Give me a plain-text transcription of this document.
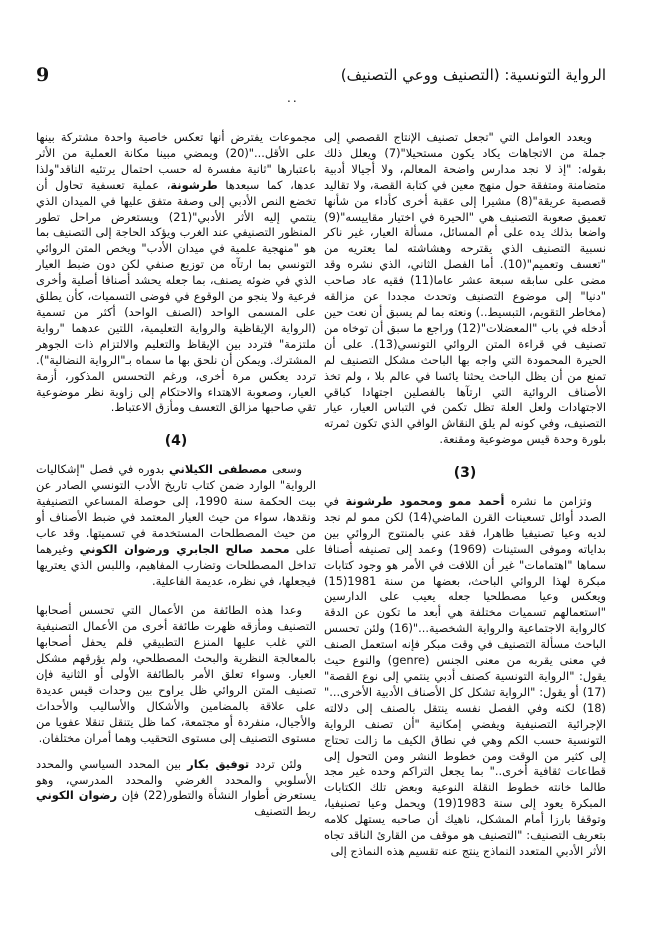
9	الرواية التونسية: (التصنيف ووعي التصنيف)
..

ويعدد العوامل التي "تجعل تصنيف الإنتاج القصصي إلى جملة من الاتجاهات يكاد يكون مستحيلا"(7) ويعلل ذلك بقوله: "إذ لا نجد مدارس واضحة المعالم، ولا أجيالا أدبية متضامنة ومتفقة حول منهج معين في كتابة القصة، ولا تقاليد قصصية عريقة"(8) مشيرا إلى عقبة أخرى كأداء من شأنها تعميق صعوبة التصنيف هي "الحيرة في اختيار مقاييسه"(9) واضعا بذلك يده على أم المسائل، مسألة العيار، غير ناكر نسبية التصنيف الذي يقترحه وهشاشته لما يعتريه من "تعسف وتعميم"(10). أما الفصل الثاني، الذي نشره وقد مضى على سابقه سبعة عشر عاما(11) فقيه عاد صاحب "دنيا" إلى موضوع التصنيف وتحدث مجددا عن مزالقه (مخاطر التقويم، التبسيط..) ونعته بما لم يسبق أن نعت حين أدخله في باب "المعضلات"(12) وراجع ما سبق أن توخاه من تصنيف في قراءة المتن الروائي التونسي(13). على أن الحيرة المحمودة التي واجه بها الباحث مشكل التصنيف لم تمنع من أن يظل الباحث يحثنا يائسا في عالم بلا ، ولم تخذ الأصناف الروائية التي ارتآها بالفصلين اجتهادا كباقي الاجتهادات ولعل العلة تظل تكمن في التباس العيار، عيار التصنيف، وفي كونه لم يلق النقاش الوافي الذي تكون ثمرته بلورة وحدة قيس موضوعية ومقنعة.

(3)

وتزامن ما نشره أحمد ممو ومحمود طرشونة في الصدد أوائل تسعينات القرن الماضي(14) لكن ممو لم نجد لديه وعيا تصنيفيا ظاهرا، فقد عني بالمنتوج الروائي بين بداياته وموفى الستينات (1969) وعمد إلى تصنيفه أصنافا سماها "اهتمامات" غير أن اللافت في الأمر هو وجود كتابات مبكرة لهذا الروائي الباحث، بعضها من سنة 1981(15) ويعكس وعيا مصطلحيا جعله يعيب على الدارسين "استعمالهم تسميات مختلفة هي أبعد ما تكون عن الدقة كالرواية الاجتماعية والرواية الشخصية..."(16) ولئن تحسس الباحث مسألة التصنيف في وقت مبكر فإنه استعمل الصنف في معنى يقربه من معنى الجنس (genre) والنوع حيث يقول: "الرواية التونسية كصنف أدبي ينتمي إلى نوع القصة"(17) أو يقول: "الرواية تشكل كل الأصناف الأدبية الأخرى..."(18) لكنه وفي الفصل نفسه ينتقل بالصنف إلى دلالته الإجرائية التصنيفية ويفضي إمكانية "أن تصنف الرواية التونسية حسب الكم وهي في نطاق الكيف ما زالت تحتاج إلى كثير من الوقت ومن خطوط النشر ومن التحول إلى قطاعات ثقافية أخرى.." بما يجعل التراكم وحده غير مجد طالما خانته خطوط النقلة النوعية وبعض تلك الكتابات المبكرة يعود إلى سنة 1983(19) ويحمل وعيا تصنيفيا، وتوقفا بارزا أمام المشكل، ناهيك أن صاحبه يستهل كلامه بتعريف التصنيف: "التصنيف هو موقف من القارئ الناقد تجاه الأثر الأدبي المتعدد النماذج ينتج عنه تقسيم هذه النماذج إلى

مجموعات يفترض أنها تعكس خاصية واحدة مشتركة بينها على الأقل..."(20) ويمضي مبينا مكانة العملية من الأثر باعتبارها "ثانية مفسرة له حسب احتمال يرتئيه الناقد"ولذا عدها، كما سبعدها طرشونة، عملية تعسفية تحاول أن تخضع النص الأدبي إلى وصفة متفق عليها في الميدان الذي ينتمي إليه الأثر الأدبي"(21) ويستعرض مراحل تطور المنظور التصنيفي عند الغرب ويؤكد الحاجة إلى التصنيف بما هو "منهجية علمية في ميدان الأدب" ويخص المتن الروائي التونسي بما ارتآه من توزيع صنفي لكن دون ضبط العيار الذي في ضوئه يصنف، بما جعله يحشد أصنافا أصلية وأخرى فرعية ولا ينجو من الوقوع في فوضى التسميات، كأن يطلق على المسمى الواحد (الصنف الواحد) أكثر من تسمية (الرواية الإيقاظية والرواية التعليمية، اللتين عدهما "رواية ملتزمة" فتردد بين الإيقاظ والتعليم والالتزام ذات الجوهر المشترك. ويمكن أن نلحق بها ما سماه بـ"الرواية النضالية"). تردد يعكس مرة أخرى، ورغم التحسس المذكور، أزمة العيار، وصعوبة الاهتداء والاحتكام إلى زاوية نظر موضوعية تقي صاحبها مزالق التعسف ومأزق الاعتباط.

(4)

وسعى مصطفى الكيلاني بدوره في فصل "إشكاليات الرواية" الوارد ضمن كتاب تاريخ الأدب التونسي الصادر عن بيت الحكمة سنة 1990، إلى حوصلة المساعي التصنيفية ونقدها، سواء من حيث العيار المعتمد في ضبط الأصناف أو من حيث المصطلحات المستخدمة في تسميتها. وقد عاب على محمد صالح الجابري ورضوان الكوني وغيرهما تداخل المصطلحات وتضارب المفاهيم، واللبس الذي يعتريها فيجعلها، في نظره، عديمة الفاعلية.

وعدا هذه الطائفة من الأعمال التي تحسس أصحابها التصنيف ومأزقه ظهرت طائفة أخرى من الأعمال التصنيفية التي غلب عليها المنزع التطبيقي فلم يحفل أصحابها بالمعالجة النظرية والبحث المصطلحي، ولم يؤرقهم مشكل العيار. وسواء تعلق الأمر بالطائفة الأولى أو الثانية فإن تصنيف المتن الروائي ظل يراوح بين وحدات قيس عديدة على علاقة بالمضامين والأشكال والأساليب والأحداث والأجيال، منفردة أو مجتمعة، كما ظل يتنقل تنقلا عفويا من مستوى التصنيف إلى مستوى التحقيب وهما أمران مختلفان.

ولئن تردد توفيق بكار بين المحدد السياسي والمحدد الأسلوبي والمحدد الغرضي والمحدد المدرسي، وهو يستعرض أطوار النشأة والتطور(22) فإن رضوان الكوني ربط التصنيف
